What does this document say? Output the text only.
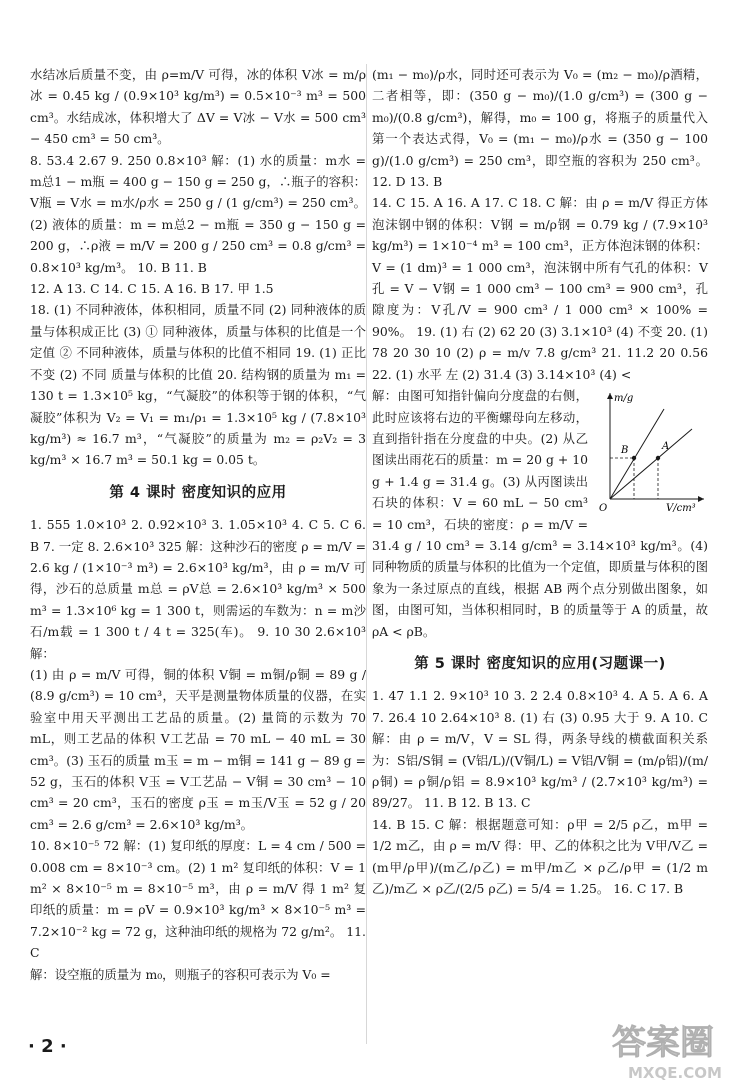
水结冰后质量不变，由 ρ=m/V 可得，冰的体积 V冰 = m/ρ冰 = 0.45 kg / (0.9×10³ kg/m³) = 0.5×10⁻³ m³ = 500 cm³。水结成冰，体积增大了 ΔV = V冰 − V水 = 500 cm³ − 450 cm³ = 50 cm³。

8. 53.4 2.67 9. 250 0.8×10³ 解：(1) 水的质量：m水 = m总1 − m瓶 = 400 g − 150 g = 250 g，∴瓶子的容积：V瓶 = V水 = m水/ρ水 = 250 g / (1 g/cm³) = 250 cm³。(2) 液体的质量：m = m总2 − m瓶 = 350 g − 150 g = 200 g，∴ρ液 = m/V = 200 g / 250 cm³ = 0.8 g/cm³ = 0.8×10³ kg/m³。 10. B 11. B

12. A 13. C 14. C 15. A 16. B 17. 甲 1.5

18. (1) 不同种液体，体积相同，质量不同 (2) 同种液体的质量与体积成正比 (3) ① 同种液体，质量与体积的比值是一个定值 ② 不同种液体，质量与体积的比值不相同 19. (1) 正比 不变 (2) 不同 质量与体积的比值 20. 结构钢的质量为 m₁ = 130 t = 1.3×10⁵ kg，“气凝胶”的体积等于钢的体积，“气凝胶”体积为 V₂ = V₁ = m₁/ρ₁ = 1.3×10⁵ kg / (7.8×10³ kg/m³) ≈ 16.7 m³，“气凝胶”的质量为 m₂ = ρ₂V₂ = 3 kg/m³ × 16.7 m³ = 50.1 kg = 0.05 t。

第 4 课时 密度知识的应用

1. 555 1.0×10³ 2. 0.92×10³ 3. 1.05×10³ 4. C 5. C 6. B 7. 一定 8. 2.6×10³ 325 解：这种沙石的密度 ρ = m/V = 2.6 kg / (1×10⁻³ m³) = 2.6×10³ kg/m³，由 ρ = m/V 可得，沙石的总质量 m总 = ρV总 = 2.6×10³ kg/m³ × 500 m³ = 1.3×10⁶ kg = 1 300 t，则需运的车数为：n = m沙石/m载 = 1 300 t / 4 t = 325(车)。 9. 10 30 2.6×10³ 解：

(1) 由 ρ = m/V 可得，铜的体积 V铜 = m铜/ρ铜 = 89 g / (8.9 g/cm³) = 10 cm³，天平是测量物体质量的仪器，在实验室中用天平测出工艺品的质量。(2) 量筒的示数为 70 mL，则工艺品的体积 V工艺品 = 70 mL − 40 mL = 30 cm³。(3) 玉石的质量 m玉 = m − m铜 = 141 g − 89 g = 52 g，玉石的体积 V玉 = V工艺品 − V铜 = 30 cm³ − 10 cm³ = 20 cm³，玉石的密度 ρ玉 = m玉/V玉 = 52 g / 20 cm³ = 2.6 g/cm³ = 2.6×10³ kg/m³。

10. 8×10⁻⁵ 72 解：(1) 复印纸的厚度：L = 4 cm / 500 = 0.008 cm = 8×10⁻³ cm。(2) 1 m² 复印纸的体积：V = 1 m² × 8×10⁻⁵ m = 8×10⁻⁵ m³，由 ρ = m/V 得 1 m² 复印纸的质量：m = ρV = 0.9×10³ kg/m³ × 8×10⁻⁵ m³ = 7.2×10⁻² kg = 72 g，这种油印纸的规格为 72 g/m²。 11. C

解：设空瓶的质量为 m₀，则瓶子的容积可表示为 V₀ =

(m₁ − m₀)/ρ水，同时还可表示为 V₀ = (m₂ − m₀)/ρ酒精，二者相等，即：(350 g − m₀)/(1.0 g/cm³) = (300 g − m₀)/(0.8 g/cm³)，解得，m₀ = 100 g，将瓶子的质量代入第一个表达式得，V₀ = (m₁ − m₀)/ρ水 = (350 g − 100 g)/(1.0 g/cm³) = 250 cm³，即空瓶的容积为 250 cm³。 12. D 13. B

14. C 15. A 16. A 17. C 18. C 解：由 ρ = m/V 得正方体泡沫钢中钢的体积：V钢 = m/ρ钢 = 0.79 kg / (7.9×10³ kg/m³) = 1×10⁻⁴ m³ = 100 cm³，正方体泡沫钢的体积：V = (1 dm)³ = 1 000 cm³，泡沫钢中所有气孔的体积：V孔 = V − V钢 = 1 000 cm³ − 100 cm³ = 900 cm³，孔隙度为：V孔/V = 900 cm³ / 1 000 cm³ × 100% = 90%。 19. (1) 右 (2) 62 20 (3) 3.1×10³ (4) 不变 20. (1) 78 20 30 10 (2) ρ = m/v 7.8 g/cm³ 21. 11.2 20 0.56 22. (1) 水平 左 (2) 31.4 (3) 3.14×10³ (4) <

m/g
V/cm³
O
A
B

解：由图可知指针偏向分度盘的右侧，此时应该将右边的平衡螺母向左移动，直到指针指在分度盘的中央。(2) 从乙图读出雨花石的质量：m = 20 g + 10 g + 1.4 g = 31.4 g。(3) 从丙图读出石块的体积：V = 60 mL − 50 cm³ = 10 cm³，石块的密度：ρ = m/V = 31.4 g / 10 cm³ = 3.14 g/cm³ = 3.14×10³ kg/m³。(4) 同种物质的质量与体积的比值为一个定值，即质量与体积的图象为一条过原点的直线，根据 AB 两个点分别做出图象，如图，由图可知，当体积相同时，B 的质量等于 A 的质量，故 ρA < ρB。

第 5 课时 密度知识的应用(习题课一)

1. 47 1.1 2. 9×10³ 10 3. 2 2.4 0.8×10³ 4. A 5. A 6. A 7. 26.4 10 2.64×10³ 8. (1) 右 (3) 0.95 大于 9. A 10. C 解：由 ρ = m/V，V = SL 得，两条导线的横截面积关系为：S铝/S铜 = (V铝/L)/(V铜/L) = V铝/V铜 = (m/ρ铝)/(m/ρ铜) = ρ铜/ρ铝 = 8.9×10³ kg/m³ / (2.7×10³ kg/m³) = 89/27。 11. B 12. B 13. C

14. B 15. C 解：根据题意可知：ρ甲 = 2/5 ρ乙，m甲 = 1/2 m乙，由 ρ = m/V 得：甲、乙的体积之比为 V甲/V乙 = (m甲/ρ甲)/(m乙/ρ乙) = m甲/m乙 × ρ乙/ρ甲 = (1/2 m乙)/m乙 × ρ乙/(2/5 ρ乙) = 5/4 = 1.25。 16. C 17. B

· 2 ·	答案圈
MXQE.COM
